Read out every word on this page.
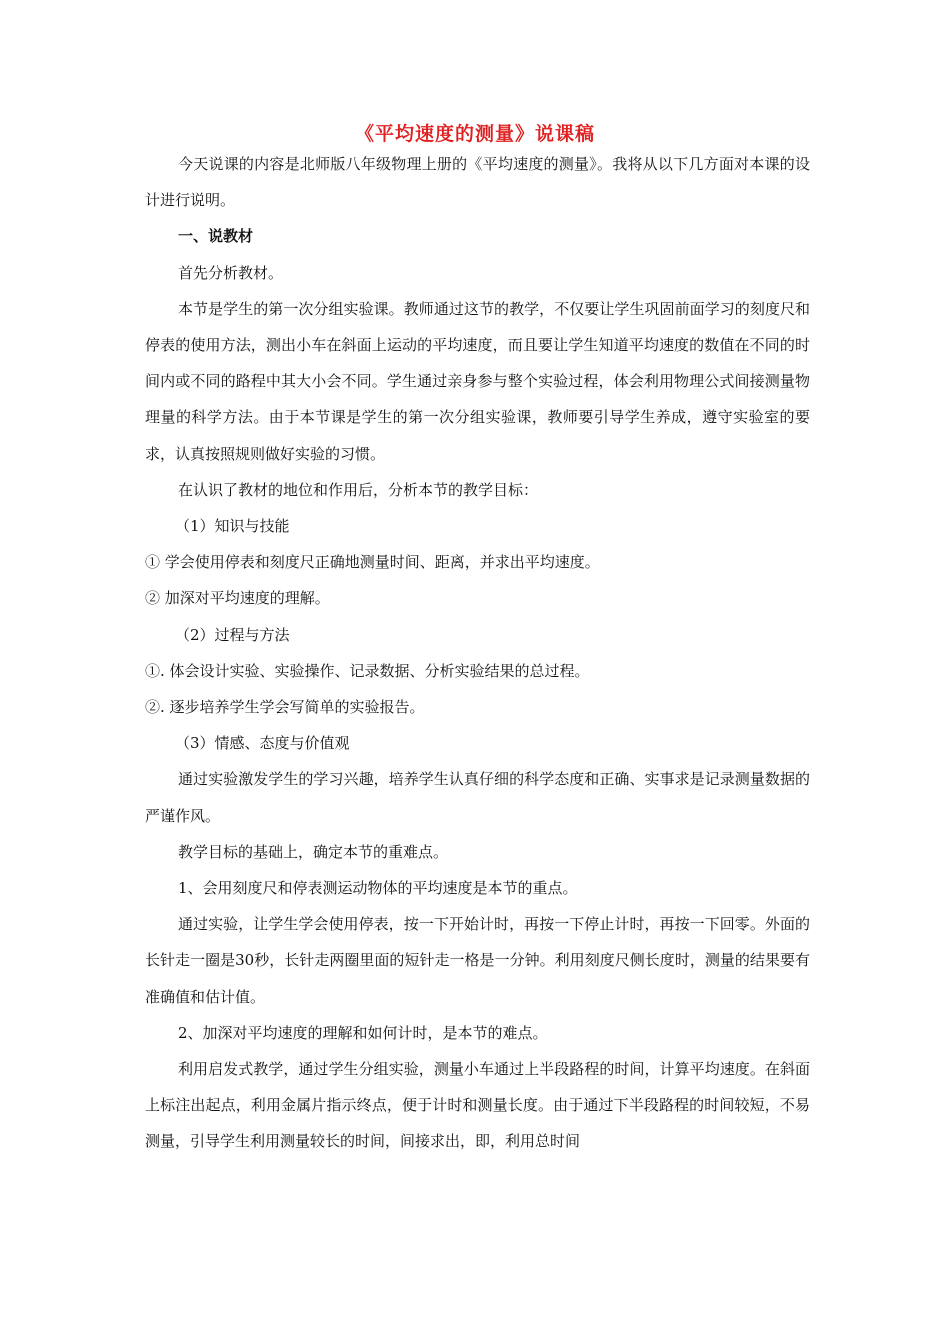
《平均速度的测量》说课稿

今天说课的内容是北师版八年级物理上册的《平均速度的测量》。我将从以下几方面对本课的设计进行说明。

一、说教材

首先分析教材。

本节是学生的第一次分组实验课。教师通过这节的教学，不仅要让学生巩固前面学习的刻度尺和停表的使用方法，测出小车在斜面上运动的平均速度，而且要让学生知道平均速度的数值在不同的时间内或不同的路程中其大小会不同。学生通过亲身参与整个实验过程，体会利用物理公式间接测量物理量的科学方法。由于本节课是学生的第一次分组实验课，教师要引导学生养成，遵守实验室的要求，认真按照规则做好实验的习惯。

在认识了教材的地位和作用后，分析本节的教学目标：

（1）知识与技能

① 学会使用停表和刻度尺正确地测量时间、距离，并求出平均速度。

② 加深对平均速度的理解。

（2）过程与方法

①. 体会设计实验、实验操作、记录数据、分析实验结果的总过程。

②. 逐步培养学生学会写简单的实验报告。

（3）情感、态度与价值观

通过实验激发学生的学习兴趣，培养学生认真仔细的科学态度和正确、实事求是记录测量数据的严谨作风。

教学目标的基础上，确定本节的重难点。

1、会用刻度尺和停表测运动物体的平均速度是本节的重点。

通过实验，让学生学会使用停表，按一下开始计时，再按一下停止计时，再按一下回零。外面的长针走一圈是30秒，长针走两圈里面的短针走一格是一分钟。利用刻度尺侧长度时，测量的结果要有准确值和估计值。

2、加深对平均速度的理解和如何计时，是本节的难点。

利用启发式教学，通过学生分组实验，测量小车通过上半段路程的时间，计算平均速度。在斜面上标注出起点，利用金属片指示终点，便于计时和测量长度。由于通过下半段路程的时间较短，不易测量，引导学生利用测量较长的时间，间接求出，即，利用总时间
